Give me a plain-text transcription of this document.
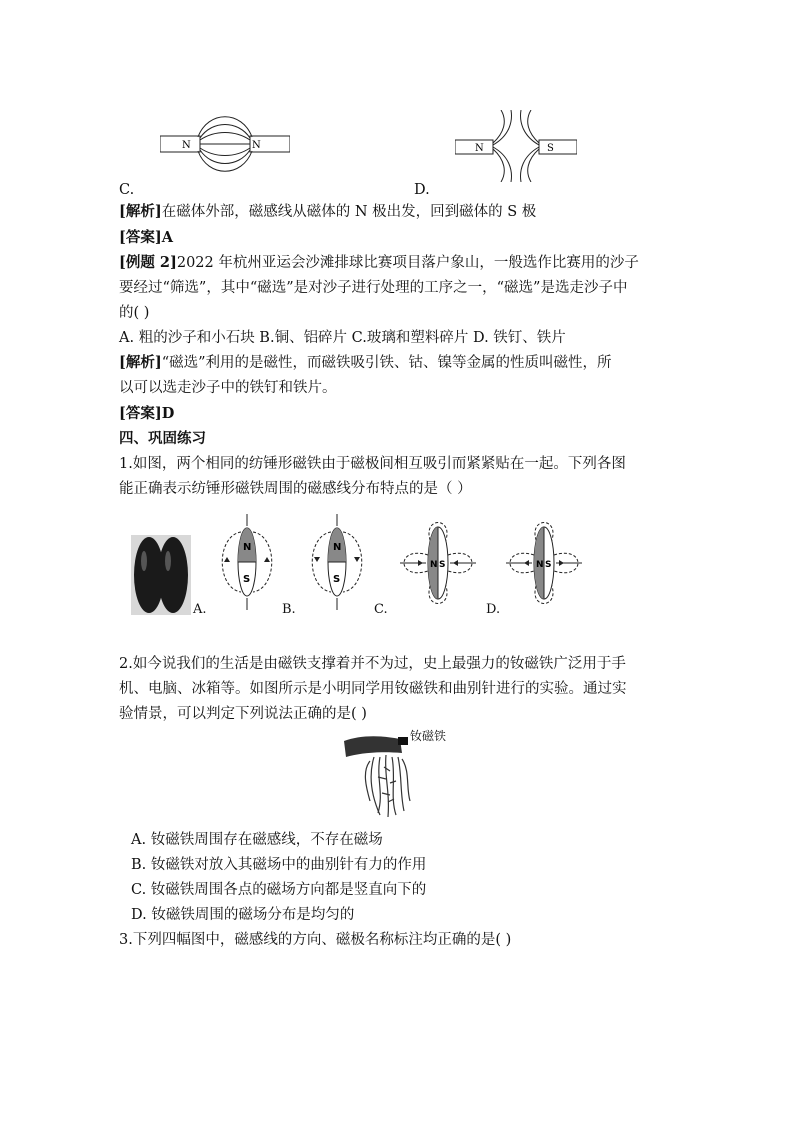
N	N	N	S
C.	D.
[解析]在磁体外部，磁感线从磁体的 N 极出发，回到磁体的 S 极
[答案]A
[例题 2]2022 年杭州亚运会沙滩排球比赛项目落户象山，一般选作比赛用的沙子
要经过“筛选”，其中“磁选”是对沙子进行处理的工序之一，“磁选”是选走沙子中
的( )
A. 粗的沙子和小石块 B.铜、铝碎片 C.玻璃和塑料碎片 D. 铁钉、铁片
[解析]“磁选”利用的是磁性，而磁铁吸引铁、钴、镍等金属的性质叫磁性，所
以可以选走沙子中的铁钉和铁片。
[答案]D
四、巩固练习
1.如图，两个相同的纺锤形磁铁由于磁极间相互吸引而紧紧贴在一起。下列各图
能正确表示纺锤形磁铁周围的磁感线分布特点的是（ ）
N
S
A.
N
S
B.
N S
C.
N S
D.
2.如今说我们的生活是由磁铁支撑着并不为过，史上最强力的钕磁铁广泛用于手
机、电脑、冰箱等。如图所示是小明同学用钕磁铁和曲别针进行的实验。通过实
验情景，可以判定下列说法正确的是( )
钕磁铁
A. 钕磁铁周围存在磁感线，不存在磁场
B. 钕磁铁对放入其磁场中的曲别针有力的作用
C. 钕磁铁周围各点的磁场方向都是竖直向下的
D. 钕磁铁周围的磁场分布是均匀的
3.下列四幅图中，磁感线的方向、磁极名称标注均正确的是( )
